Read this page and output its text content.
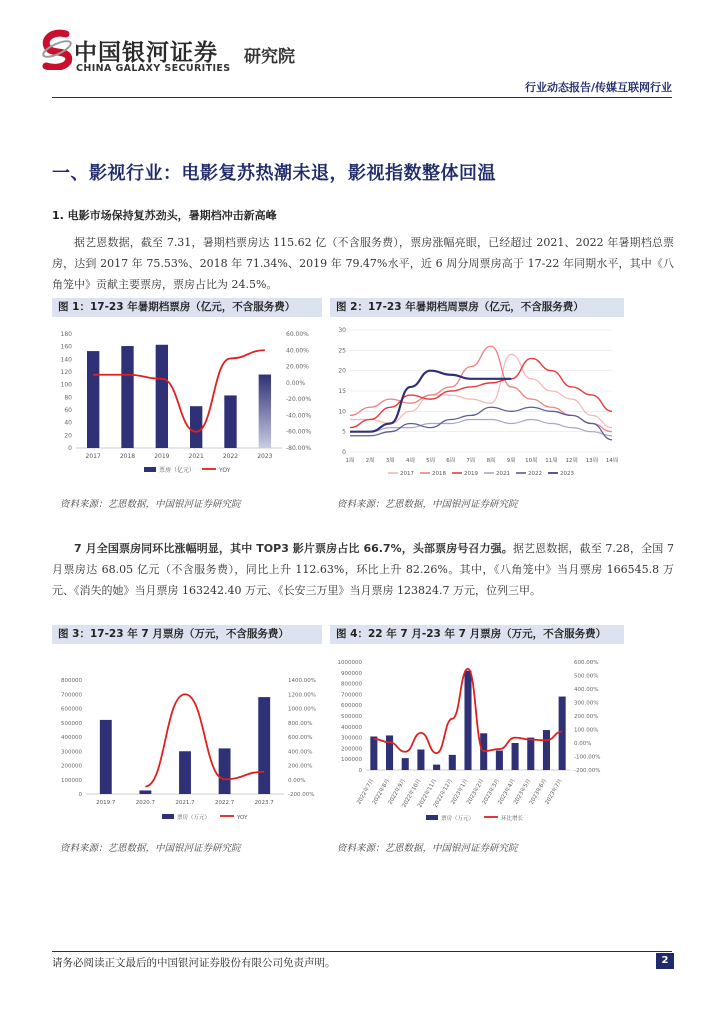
中国银河证券
CHINA GALAXY SECURITIES
研究院
行业动态报告/传媒互联网行业
一、影视行业：电影复苏热潮未退，影视指数整体回温
1. 电影市场保持复苏劲头，暑期档冲击新高峰
据艺恩数据，截至 7.31，暑期档票房达 115.62 亿（不含服务费），票房涨幅亮眼，已经超过 2021、2022 年暑期档总票房，达到 2017 年 75.53%、2018 年 71.34%、2019 年 79.47%水平，近 6 周分周票房高于 17-22 年同期水平，其中《八角笼中》贡献主要票房，票房占比为 24.5%。
图 1：17-23 年暑期档票房（亿元，不含服务费）	图 2：17-23 年暑期档周票房（亿元，不含服务费）
0
20
40
60
80
100
120
140
160
180
-80.00%
-60.00%
-40.00%
-20.00%
0.00%
20.00%
40.00%
60.00%
2017	2018	2019	2021	2022	2023
票房（亿元）	YOY
0
5
10
15
20
25
30
1周 2周 3周 4周 5周 6周 7周 8周 9周 10周 11周 12周 13周 14周
2017	2018	2019	2021	2022	2023
资料来源：艺恩数据，中国银河证券研究院	资料来源：艺恩数据，中国银河证券研究院
7 月全国票房同环比涨幅明显，其中 TOP3 影片票房占比 66.7%，头部票房号召力强。据艺恩数据，截至 7.28，全国 7 月票房达 68.05 亿元（不含服务费），同比上升 112.63%，环比上升 82.26%。其中，《八角笼中》当月票房 166545.8 万元、《消失的她》当月票房 163242.40 万元、《长安三万里》当月票房 123824.7 万元，位列三甲。
图 3：17-23 年 7 月票房（万元，不含服务费）	图 4：22 年 7 月-23 年 7 月票房（万元，不含服务费）
0
100000
200000
300000
400000
500000
600000
700000
800000
-200.00%
0.00%
200.00%
400.00%
600.00%
800.00%
1000.00%
1200.00%
1400.00%
2019.7	2020.7	2021.7	2022.7	2023.7
票房（万元）	YOY
0
100000
200000
300000
400000
500000
600000
700000
800000
900000
1000000
-200.00%
-100.00%
0.00%
100.00%
200.00%
300.00%
400.00%
500.00%
600.00%
2022年7月
2022年8月
2022年9月
2022年10月
2022年11月
2022年12月
2023年1月
2023年2月
2023年3月
2023年4月
2023年5月
2023年6月
2023年7月
票房（万元）	环比增长
资料来源：艺恩数据，中国银河证券研究院	资料来源：艺恩数据，中国银河证券研究院
请务必阅读正文最后的中国银河证券股份有限公司免责声明。	2
